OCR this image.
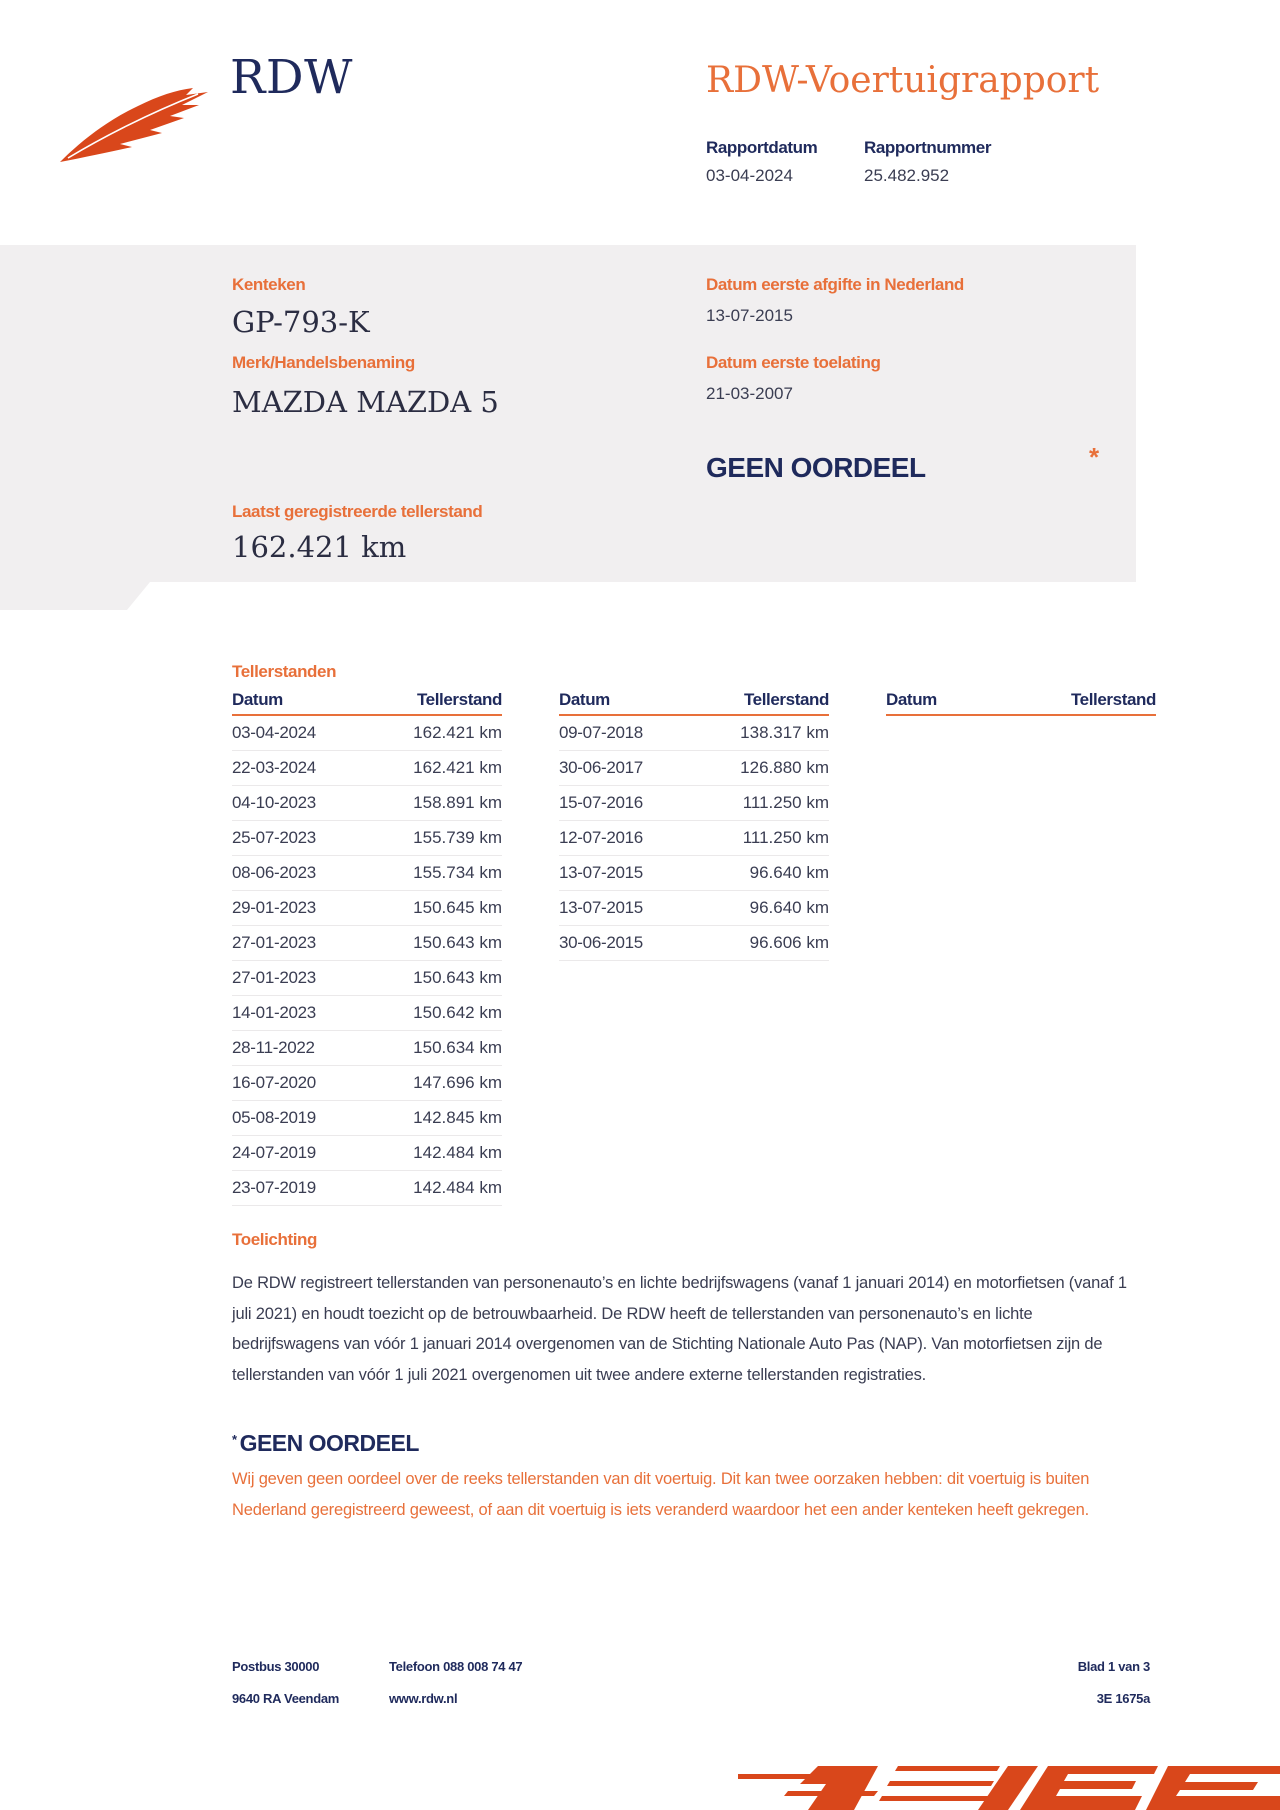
RDW	RDW-Voertuigrapport
Rapportdatum
03-04-2024
Rapportnummer
25.482.952
Kenteken
GP-793-K
Merk/Handelsbenaming
MAZDA MAZDA 5
Datum eerste afgifte in Nederland
13-07-2015
Datum eerste toelating
21-03-2007
GEEN OORDEEL	*
Laatst geregistreerde tellerstand
162.421 km
Tellerstanden
Datum	Tellerstand
03-04-2024	162.421 km
22-03-2024	162.421 km
04-10-2023	158.891 km
25-07-2023	155.739 km
08-06-2023	155.734 km
29-01-2023	150.645 km
27-01-2023	150.643 km
27-01-2023	150.643 km
14-01-2023	150.642 km
28-11-2022	150.634 km
16-07-2020	147.696 km
05-08-2019	142.845 km
24-07-2019	142.484 km
23-07-2019	142.484 km
Datum	Tellerstand
09-07-2018	138.317 km
30-06-2017	126.880 km
15-07-2016	111.250 km
12-07-2016	111.250 km
13-07-2015	96.640 km
13-07-2015	96.640 km
30-06-2015	96.606 km
Datum	Tellerstand
Toelichting

De RDW registreert tellerstanden van personenauto’s en lichte bedrijfswagens (vanaf 1 januari 2014) en motorfietsen (vanaf 1 juli 2021) en houdt toezicht op de betrouwbaarheid. De RDW heeft de tellerstanden van personenauto’s en lichte bedrijfswagens van vóór 1 januari 2014 overgenomen van de Stichting Nationale Auto Pas (NAP). Van motorfietsen zijn de tellerstanden van vóór 1 juli 2021 overgenomen uit twee andere externe tellerstanden registraties.

* GEEN OORDEEL

Wij geven geen oordeel over de reeks tellerstanden van dit voertuig. Dit kan twee oorzaken hebben: dit voertuig is buiten Nederland geregistreerd geweest, of aan dit voertuig is iets veranderd waardoor het een ander kenteken heeft gekregen.

Postbus 30000
9640 RA Veendam
Telefoon 088 008 74 47
www.rdw.nl
Blad 1 van 3
3E 1675a
